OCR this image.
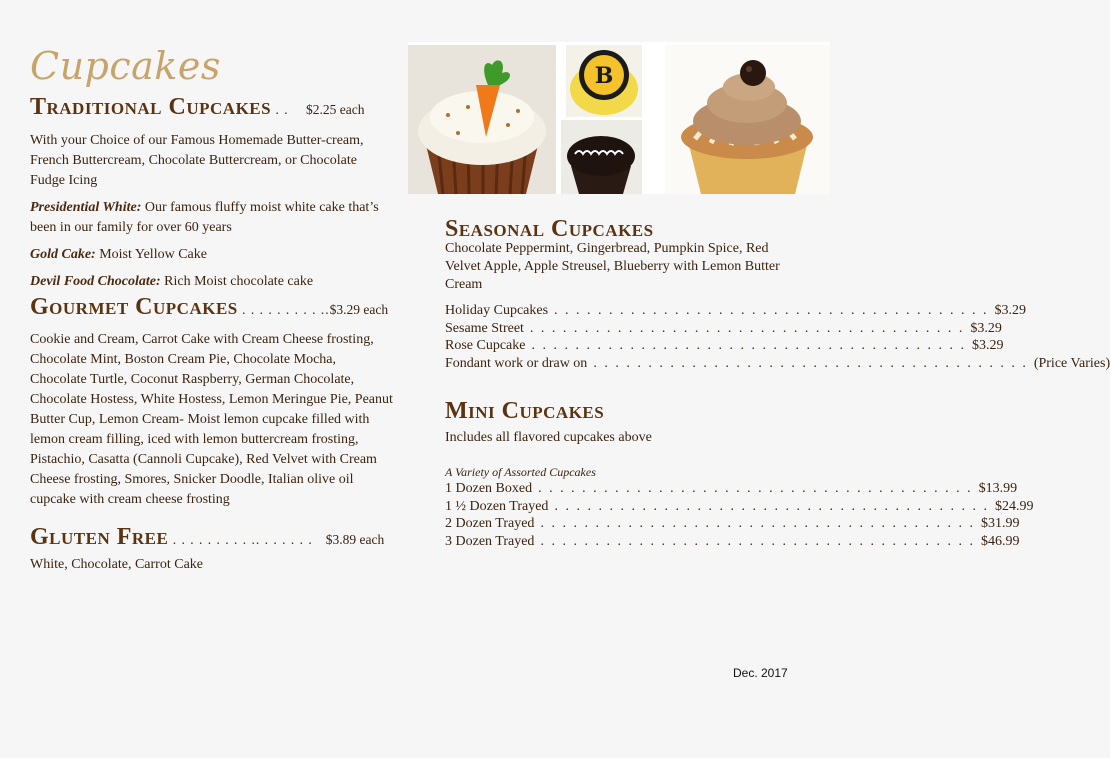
Cupcakes	B
Traditional Cupcakes . .   $2.25 each

With your Choice of our Famous Homemade Butter-cream, French Buttercream, Chocolate Buttercream, or Chocolate Fudge Icing

Presidential White: Our famous fluffy moist white cake that’s been in our family for over 60 years

Gold Cake: Moist Yellow Cake

Devil Food Chocolate: Rich Moist chocolate cake

Gourmet Cupcakes . . . . . . . . . ..$3.29 each

Cookie and Cream, Carrot Cake with Cream Cheese frosting, Chocolate Mint, Boston Cream Pie, Chocolate Mocha, Chocolate Turtle, Coconut Raspberry, German Chocolate, Chocolate Hostess, White Hostess, Lemon Meringue Pie, Peanut Butter Cup, Lemon Cream- Moist lemon cupcake filled with lemon cream filling, iced with lemon buttercream frosting, Pistachio, Casatta (Cannoli Cupcake), Red Velvet with Cream Cheese frosting, Smores, Snicker Doodle, Italian olive oil cupcake with cream cheese frosting

Gluten Free . . . . . . . . . .. . . . . . . $3.89 each

White, Chocolate, Carrot Cake

Seasonal Cupcakes

Chocolate Peppermint, Gingerbread, Pumpkin Spice, Red Velvet Apple, Apple Streusel, Blueberry with Lemon Butter Cream

Holiday Cupcakes . . . . . . . . . . . . . . . . . . . . . . . . . . . . . . . . . . . . . . . . $3.29
Sesame Street . . . . . . . . . . . . . . . . . . . . . . . . . . . . . . . . . . . . . . . . $3.29
Rose Cupcake . . . . . . . . . . . . . . . . . . . . . . . . . . . . . . . . . . . . . . . . $3.29
Fondant work or draw on . . . . . . . . . . . . . . . . . . . . . . . . . . . . . . . . . . . . . . . . (Price Varies)
Mini Cupcakes

Includes all flavored cupcakes above

A Variety of Assorted Cupcakes
1 Dozen Boxed . . . . . . . . . . . . . . . . . . . . . . . . . . . . . . . . . . . . . . . . $13.99
1 ½ Dozen Trayed . . . . . . . . . . . . . . . . . . . . . . . . . . . . . . . . . . . . . . . . $24.99
2 Dozen Trayed . . . . . . . . . . . . . . . . . . . . . . . . . . . . . . . . . . . . . . . . $31.99
3 Dozen Trayed . . . . . . . . . . . . . . . . . . . . . . . . . . . . . . . . . . . . . . . . $46.99
Dec. 2017
